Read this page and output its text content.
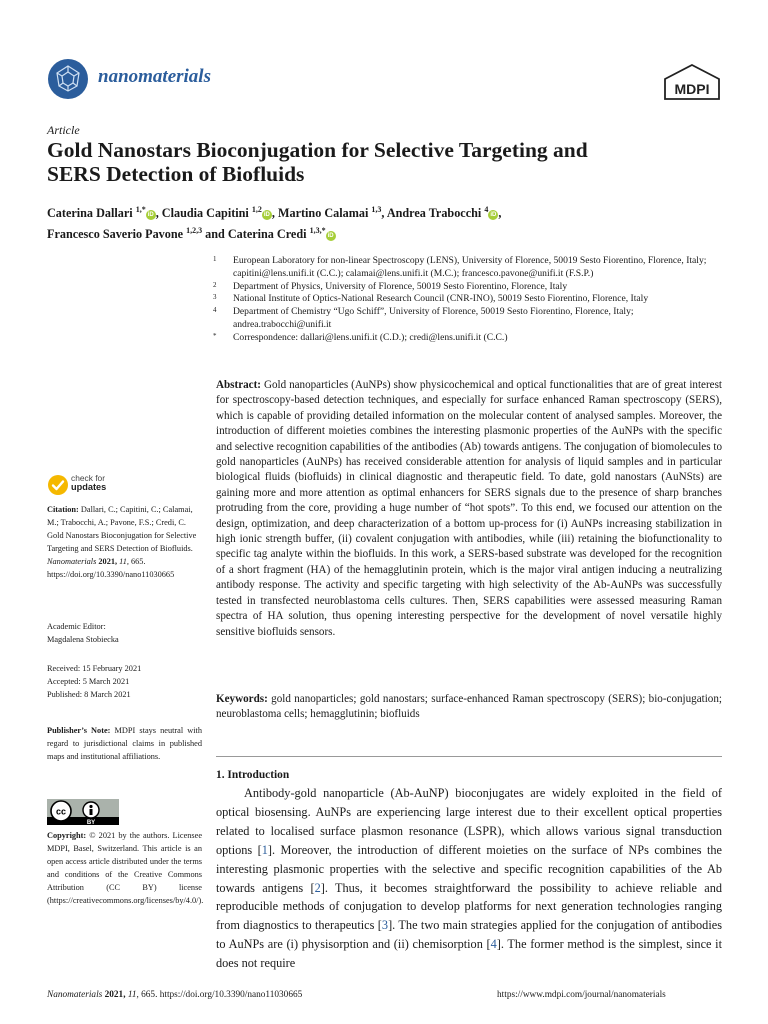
nanomaterials
MDPI
Article
Gold Nanostars Bioconjugation for Selective Targeting and
SERS Detection of Biofluids
Caterina Dallari $^{1,*}$iD , Claudia Capitini $^{1,2}$iD , Martino Calamai $^{1,3}$, Andrea Trabocchi $^4$iD ,
Francesco Saverio Pavone $^{1,2,3}$ and Caterina Credi $^{1,3,*}$iD
1 European Laboratory for non-linear Spectroscopy (LENS), University of Florence, 50019 Sesto Fiorentino, Florence, Italy; capitini@lens.unifi.it (C.C.); calamai@lens.unifi.it (M.C.); francesco.pavone@unifi.it (F.S.P.)
2 Department of Physics, University of Florence, 50019 Sesto Fiorentino, Florence, Italy
3 National Institute of Optics-National Research Council (CNR-INO), 50019 Sesto Fiorentino, Florence, Italy
4 Department of Chemistry “Ugo Schiff”, University of Florence, 50019 Sesto Fiorentino, Florence, Italy; andrea.trabocchi@unifi.it
* Correspondence: dallari@lens.unifi.it (C.D.); credi@lens.unifi.it (C.C.)
Abstract: Gold nanoparticles (AuNPs) show physicochemical and optical functionalities that are of great interest for spectroscopy-based detection techniques, and especially for surface enhanced Raman spectroscopy (SERS), which is capable of providing detailed information on the molecular content of analysed samples. Moreover, the introduction of different moieties combines the interesting plasmonic properties of the AuNPs with the specific and selective recognition capabilities of the antibodies (Ab) towards antigens. The conjugation of biomolecules to gold nanoparticles (AuNPs) has received considerable attention for analysis of liquid samples and in particular biological fluids (biofluids) in clinical diagnostic and therapeutic field. To date, gold nanostars (AuNSts) are gaining more and more attention as optimal enhancers for SERS signals due to the presence of sharp branches protruding from the core, providing a huge number of “hot spots”. To this end, we focused our attention on the design, optimization, and deep characterization of a bottom up-process for (i) AuNPs increasing stabilization in high ionic strength buffer, (ii) covalent conjugation with antibodies, while (iii) retaining the biofunctionality to specific tag analyte within the biofluids. In this work, a SERS-based substrate was developed for the recognition of a short fragment (HA) of the hemagglutinin protein, which is the major viral antigen inducing a neutralizing antibody response. The activity and specific targeting with high selectivity of the Ab-AuNPs was successfully tested in transfected neuroblastoma cells cultures. Then, SERS capabilities were assessed measuring Raman spectra of HA solution, thus opening interesting perspective for the development of novel versatile highly sensitive biofluids sensors.
Keywords: gold nanoparticles; gold nanostars; surface-enhanced Raman spectroscopy (SERS); bio-conjugation; neuroblastoma cells; hemagglutinin; biofluids
check for
updates
Citation: Dallari, C.; Capitini, C.; Calamai, M.; Trabocchi, A.; Pavone, F.S.; Credi, C. Gold Nanostars Bioconjugation for Selective Targeting and SERS Detection of Biofluids. Nanomaterials 2021, 11, 665. https://doi.org/10.3390/nano11030665
Academic Editor:
Magdalena Stobiecka
Received: 15 February 2021
Accepted: 5 March 2021
Published: 8 March 2021
Publisher’s Note: MDPI stays neutral with regard to jurisdictional claims in published maps and institutional affiliations.
cc
BY
Copyright: © 2021 by the authors. Licensee MDPI, Basel, Switzerland. This article is an open access article distributed under the terms and conditions of the Creative Commons Attribution (CC BY) license (https://creativecommons.org/licenses/by/4.0/).
1. Introduction
Antibody-gold nanoparticle (Ab-AuNP) bioconjugates are widely exploited in the field of optical biosensing. AuNPs are experiencing large interest due to their excellent optical properties related to localised surface plasmon resonance (LSPR), which allows various signal transduction options [1]. Moreover, the introduction of different moieties on the surface of NPs combines the interesting plasmonic properties with the selective and specific recognition capabilities of the Ab towards antigens [2]. Thus, it becomes straightforward the possibility to achieve reliable and reproducible methods of conjugation to develop platforms for next generation technologies ranging from diagnostics to therapeutics [3]. The two main strategies applied for the conjugation of antibodies to AuNPs are (i) physisorption and (ii) chemisorption [4]. The former method is the simplest, since it does not require
Nanomaterials 2021, 11, 665. https://doi.org/10.3390/nano11030665	https://www.mdpi.com/journal/nanomaterials
